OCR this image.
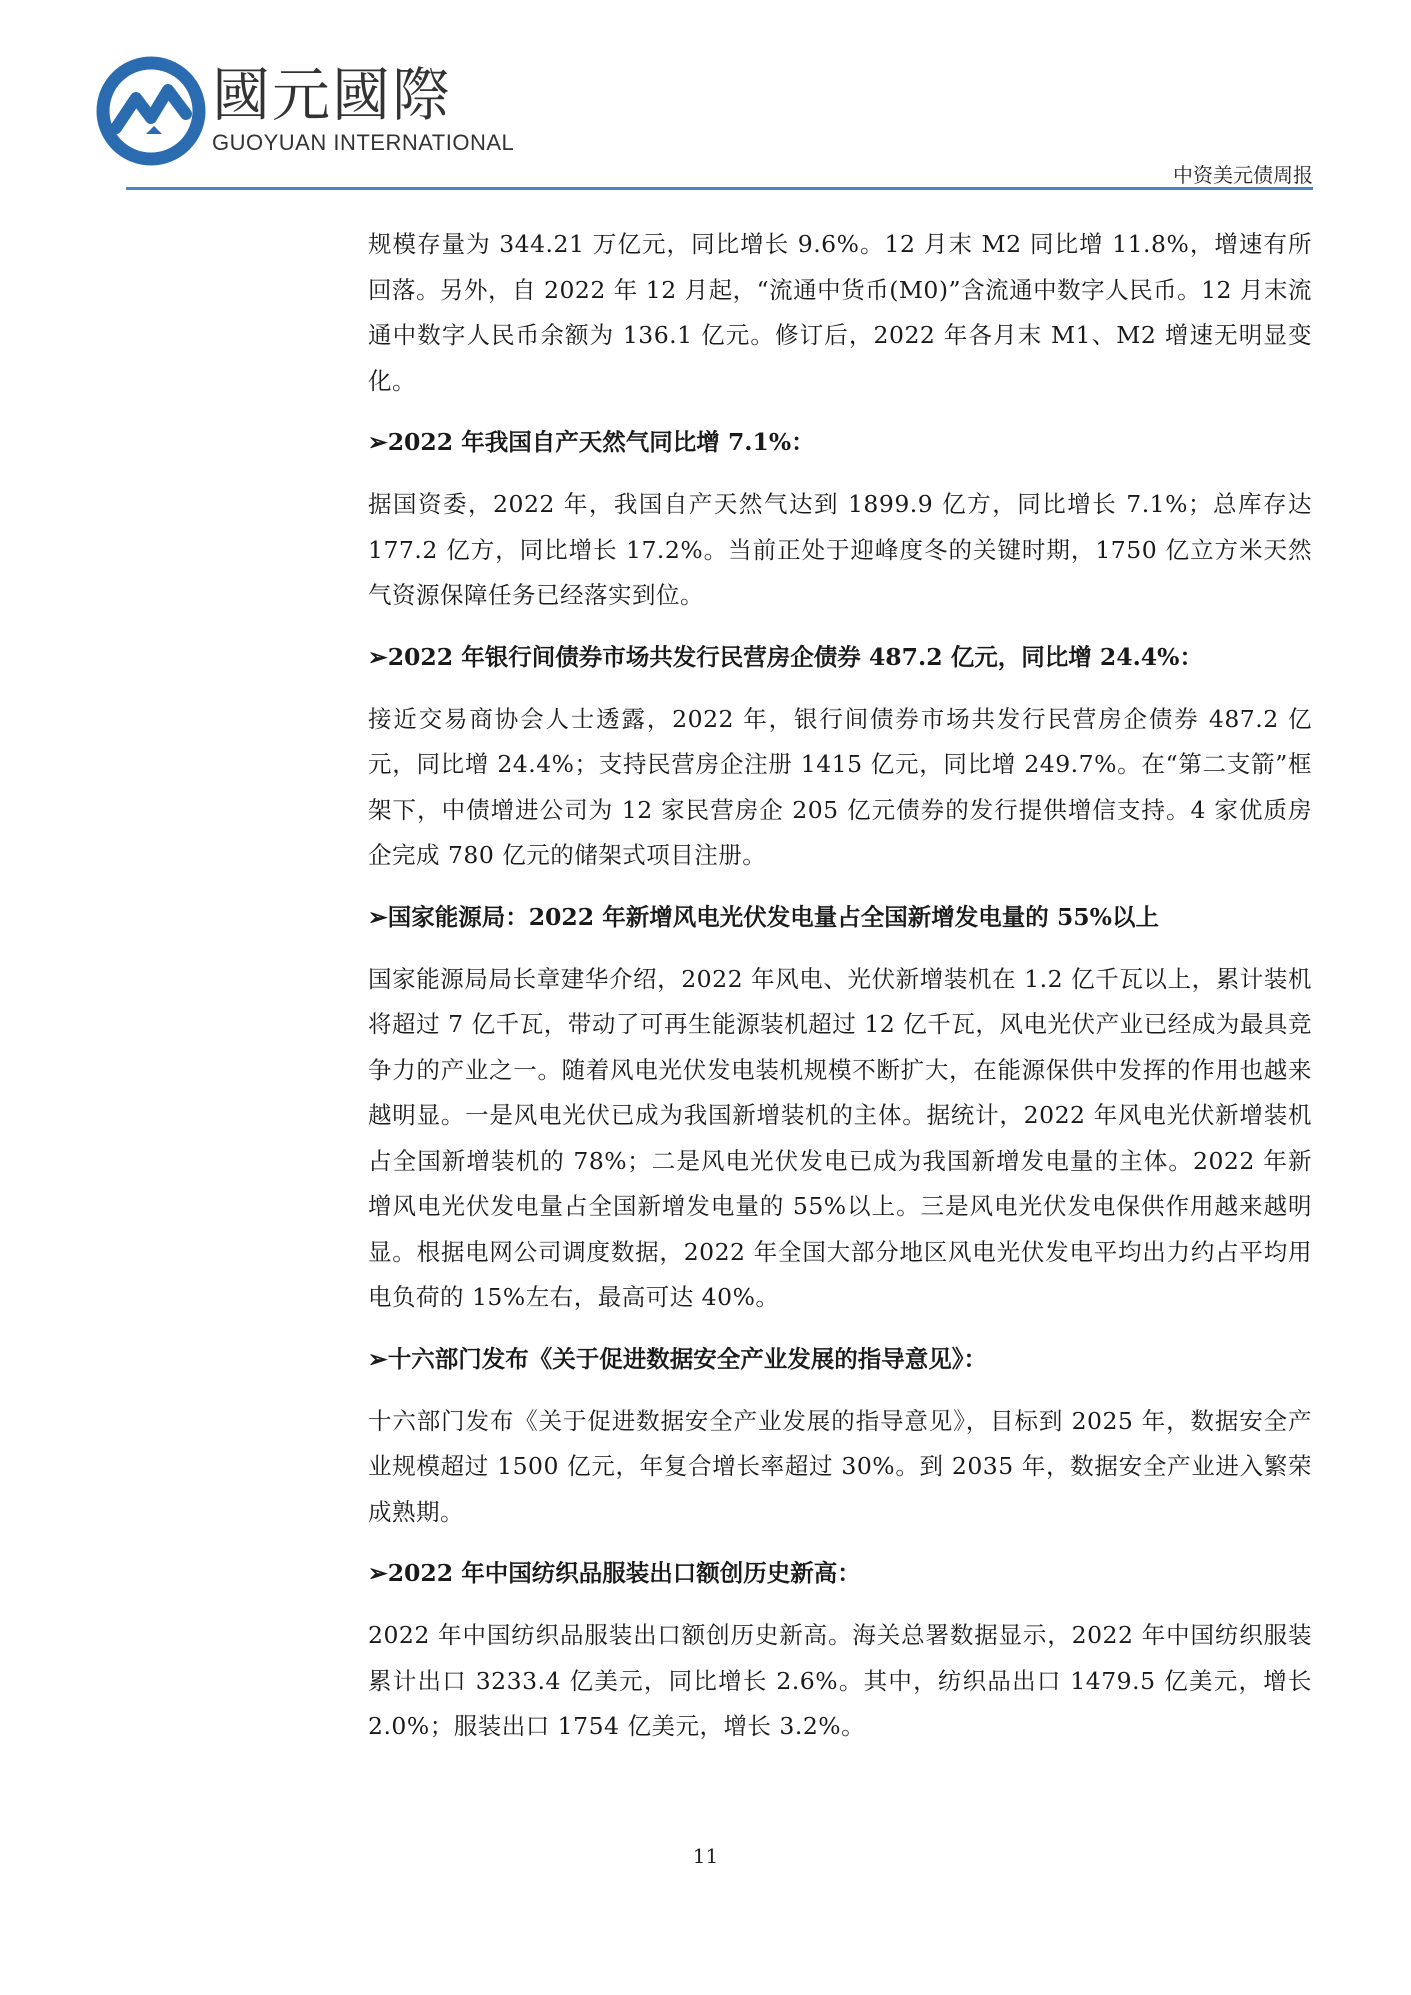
國元國際
GUOYUAN INTERNATIONAL
中资美元债周报

规模存量为 344.21 万亿元，同比增长 9.6%。12 月末 M2 同比增 11.8%，增速有所回落。另外，自 2022 年 12 月起，“流通中货币(M0)”含流通中数字人民币。12 月末流通中数字人民币余额为 136.1 亿元。修订后，2022 年各月末 M1、M2 增速无明显变化。

➢2022 年我国自产天然气同比增 7.1%：

据国资委，2022 年，我国自产天然气达到 1899.9 亿方，同比增长 7.1%；总库存达 177.2 亿方，同比增长 17.2%。当前正处于迎峰度冬的关键时期，1750 亿立方米天然气资源保障任务已经落实到位。

➢2022 年银行间债券市场共发行民营房企债券 487.2 亿元，同比增 24.4%：

接近交易商协会人士透露，2022 年，银行间债券市场共发行民营房企债券 487.2 亿元，同比增 24.4%；支持民营房企注册 1415 亿元，同比增 249.7%。在“第二支箭”框架下，中债增进公司为 12 家民营房企 205 亿元债券的发行提供增信支持。4 家优质房企完成 780 亿元的储架式项目注册。

➢国家能源局：2022 年新增风电光伏发电量占全国新增发电量的 55%以上

国家能源局局长章建华介绍，2022 年风电、光伏新增装机在 1.2 亿千瓦以上，累计装机将超过 7 亿千瓦，带动了可再生能源装机超过 12 亿千瓦，风电光伏产业已经成为最具竞争力的产业之一。随着风电光伏发电装机规模不断扩大，在能源保供中发挥的作用也越来越明显。一是风电光伏已成为我国新增装机的主体。据统计，2022 年风电光伏新增装机占全国新增装机的 78%；二是风电光伏发电已成为我国新增发电量的主体。2022 年新增风电光伏发电量占全国新增发电量的 55%以上。三是风电光伏发电保供作用越来越明显。根据电网公司调度数据，2022 年全国大部分地区风电光伏发电平均出力约占平均用电负荷的 15%左右，最高可达 40%。

➢十六部门发布《关于促进数据安全产业发展的指导意见》：

十六部门发布《关于促进数据安全产业发展的指导意见》，目标到 2025 年，数据安全产业规模超过 1500 亿元，年复合增长率超过 30%。到 2035 年，数据安全产业进入繁荣成熟期。

➢2022 年中国纺织品服装出口额创历史新高：

2022 年中国纺织品服装出口额创历史新高。海关总署数据显示，2022 年中国纺织服装累计出口 3233.4 亿美元，同比增长 2.6%。其中，纺织品出口 1479.5 亿美元，增长 2.0%；服装出口 1754 亿美元，增长 3.2%。

11
